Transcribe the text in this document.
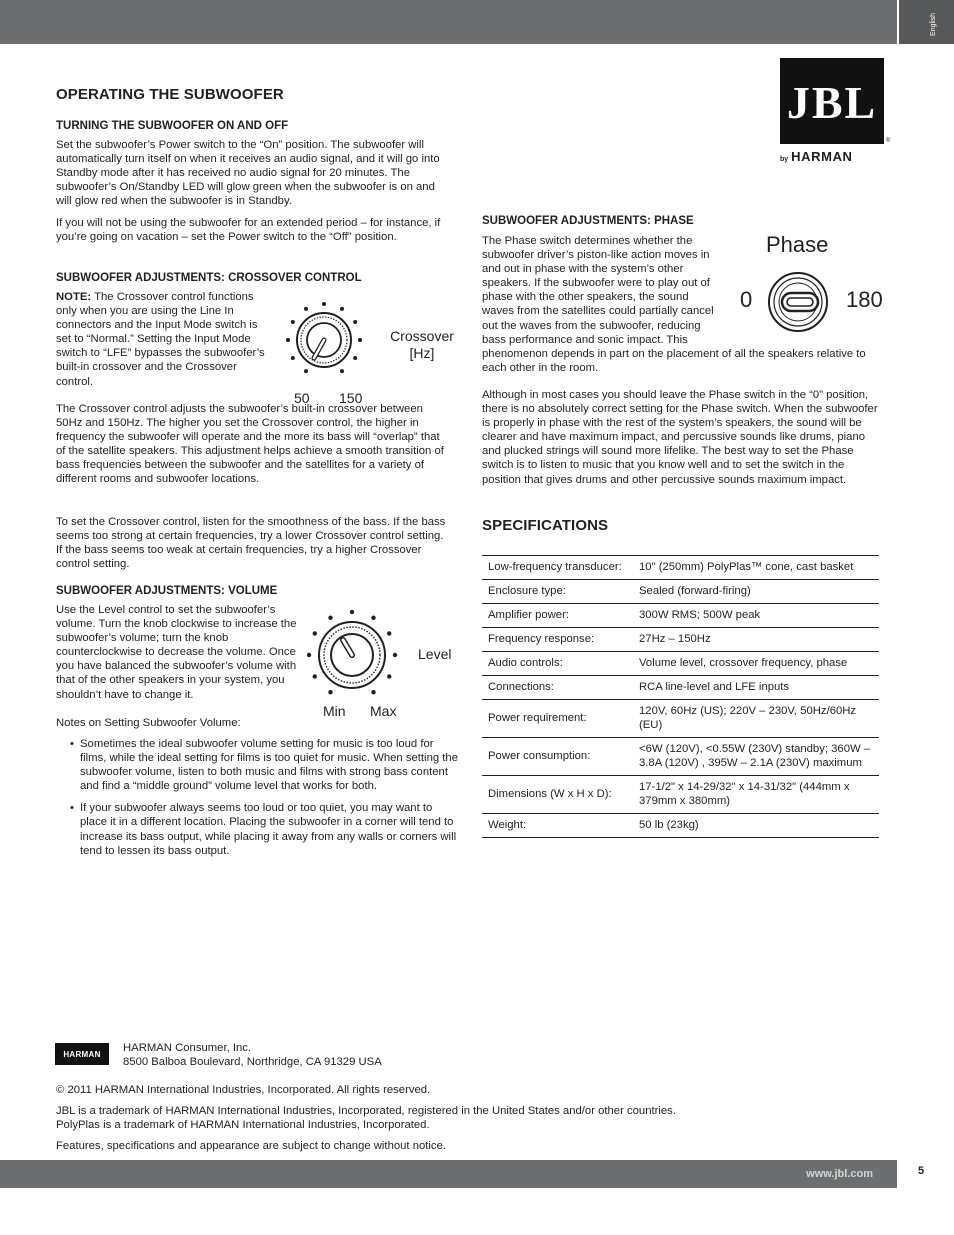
English
JBL
®
by HARMAN
OPERATING THE SUBWOOFER
TURNING THE SUBWOOFER ON AND OFF

Set the subwoofer’s Power switch to the “On” position. The subwoofer will automatically turn itself on when it receives an audio signal, and it will go into Standby mode after it has received no audio signal for 20 minutes. The subwoofer’s On/Standby LED will glow green when the subwoofer is on and will glow red when the subwoofer is in Standby.

If you will not be using the subwoofer for an extended period – for instance, if you’re going on vacation – set the Power switch to the “Off” position.

SUBWOOFER ADJUSTMENTS: CROSSOVER CONTROL

NOTE: The Crossover control functions only when you are using the Line In connectors and the Input Mode switch is set to “Normal.” Setting the Input Mode switch to “LFE” bypasses the subwoofer’s built-in crossover and the Crossover control.

Crossover
[Hz]
50 150

The Crossover control adjusts the subwoofer’s built-in crossover between 50Hz and 150Hz. The higher you set the Crossover control, the higher in frequency the subwoofer will operate and the more its bass will “overlap” that of the satellite speakers. This adjustment helps achieve a smooth transition of bass frequencies between the subwoofer and the satellites for a variety of different rooms and subwoofer locations.

To set the Crossover control, listen for the smoothness of the bass. If the bass seems too strong at certain frequencies, try a lower Crossover control setting. If the bass seems too weak at certain frequencies, try a higher Crossover control setting.

SUBWOOFER ADJUSTMENTS: VOLUME

Use the Level control to set the subwoofer’s volume. Turn the knob clockwise to increase the subwoofer’s volume; turn the knob counterclockwise to decrease the volume. Once you have balanced the subwoofer’s volume with that of the other speakers in your system, you shouldn’t have to change it.

Level
Min Max

Notes on Setting Subwoofer Volume:

• Sometimes the ideal subwoofer volume setting for music is too loud for films, while the ideal setting for films is too quiet for music. When setting the subwoofer volume, listen to both music and films with strong bass content and find a “middle ground” volume level that works for both.
• If your subwoofer always seems too loud or too quiet, you may want to place it in a different location. Placing the subwoofer in a corner will tend to increase its bass output, while placing it away from any walls or corners will tend to lessen its bass output.
SUBWOOFER ADJUSTMENTS: PHASE

The Phase switch determines whether the subwoofer driver’s piston-like action moves in and out in phase with the system’s other speakers. If the subwoofer were to play out of phase with the other speakers, the sound waves from the satellites could partially cancel out the waves from the subwoofer, reducing bass performance and sonic impact. This phenomenon depends in part on the placement of all the speakers relative to each other in the room.

Phase
0	180

Although in most cases you should leave the Phase switch in the “0” position, there is no absolutely correct setting for the Phase switch. When the subwoofer is properly in phase with the rest of the system’s speakers, the sound will be clearer and have maximum impact, and percussive sounds like drums, piano and plucked strings will sound more lifelike. The best way to set the Phase switch is to listen to music that you know well and to set the switch in the position that gives drums and other percussive sounds maximum impact.

SPECIFICATIONS
Low-frequency transducer:	10" (250mm) PolyPlas™ cone, cast basket
Enclosure type:	Sealed (forward-firing)
Amplifier power:	300W RMS; 500W peak
Frequency response:	27Hz – 150Hz
Audio controls:	Volume level, crossover frequency, phase
Connections:	RCA line-level and LFE inputs
Power requirement:	120V, 60Hz (US); 220V – 230V, 50Hz/60Hz (EU)
Power consumption:	<6W (120V), <0.55W (230V) standby; 360W – 3.8A (120V) , 395W – 2.1A (230V) maximum
Dimensions (W x H x D):	17-1/2" x 14-29/32" x 14-31/32" (444mm x 379mm x 380mm)
Weight:	50 lb (23kg)
HARMAN
HARMAN Consumer, Inc.
8500 Balboa Boulevard, Northridge, CA 91329 USA
© 2011 HARMAN International Industries, Incorporated. All rights reserved.
JBL is a trademark of HARMAN International Industries, Incorporated, registered in the United States and/or other countries.
PolyPlas is a trademark of HARMAN International Industries, Incorporated.
Features, specifications and appearance are subject to change without notice.
www.jbl.com	5
